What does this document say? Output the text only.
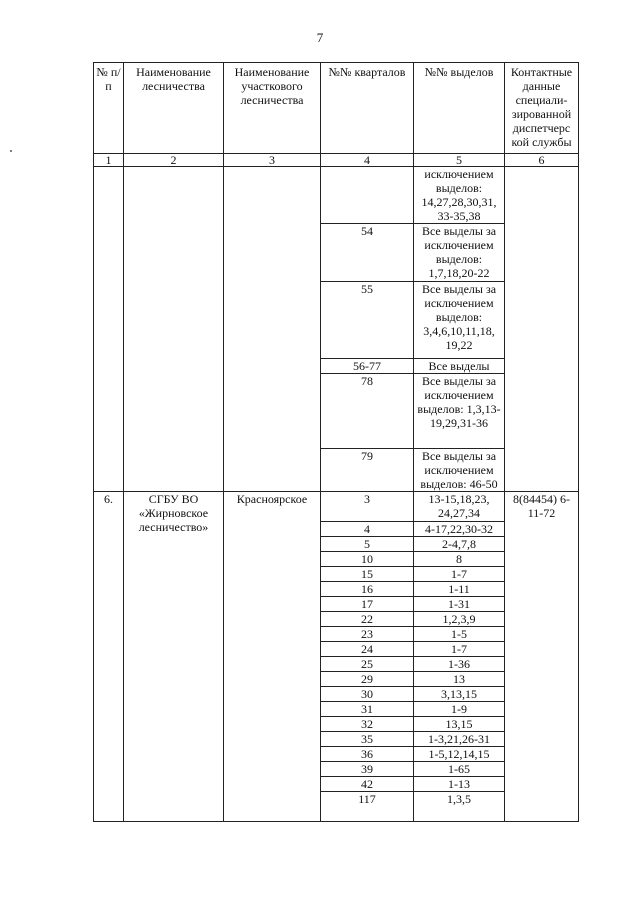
7
№ п/п	Наименование лесничества	Наименование участкового лесничества	№№ кварталов	№№ выделов	Контактные данные специали-зированной диспетчерс кой службы
1	2	3	4	5	6
				исключением выделов: 14,27,28,30,31, 33-35,38	
			54	Все выделы за исключением выделов: 1,7,18,20-22	
			55	Все выделы за исключением выделов: 3,4,6,10,11,18, 19,22	
			56-77	Все выделы	
			78	Все выделы за исключением выделов: 1,3,13-19,29,31-36	
			79	Все выделы за исключением выделов: 46-50	
6.	СГБУ ВО «Жирновское лесничество»	Красноярское	3	13-15,18,23, 24,27,34	8(84454) 6-11-72
			4	4-17,22,30-32	
			5	2-4,7,8	
			10	8	
			15	1-7	
			16	1-11	
			17	1-31	
			22	1,2,3,9	
			23	1-5	
			24	1-7	
			25	1-36	
			29	13	
			30	3,13,15	
			31	1-9	
			32	13,15	
			35	1-3,21,26-31	
			36	1-5,12,14,15	
			39	1-65	
			42	1-13	
			117	1,3,5	
